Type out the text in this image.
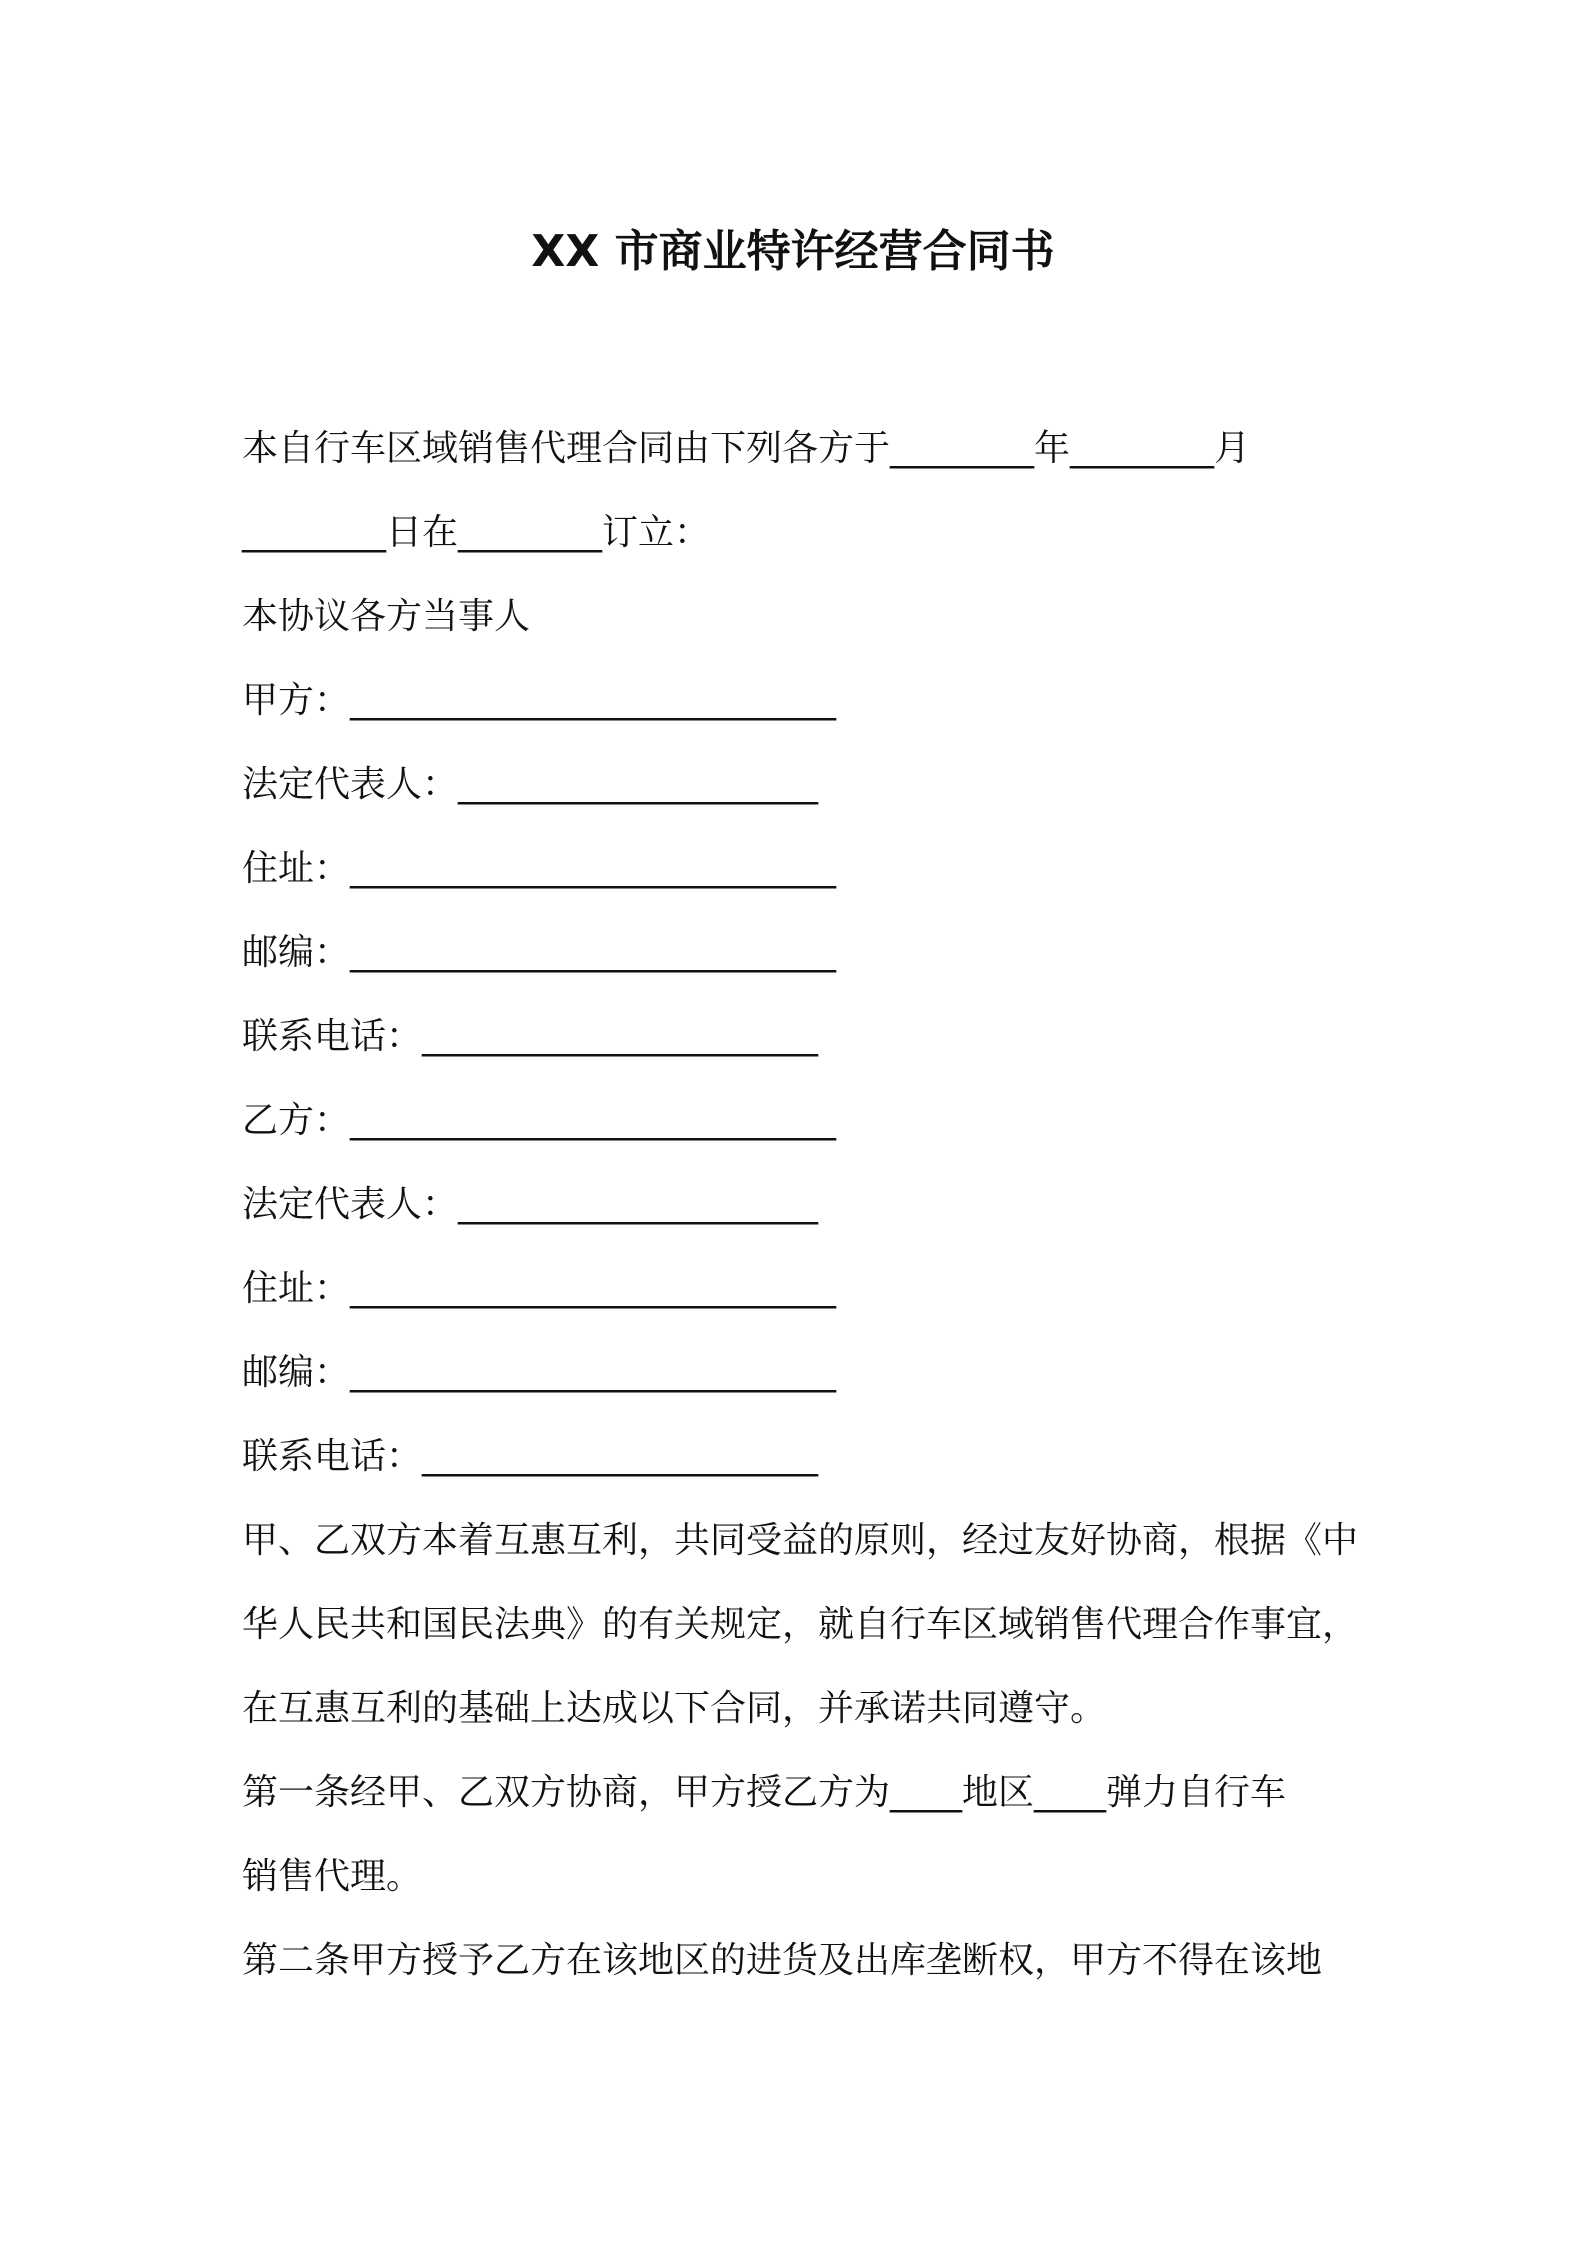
XX 市商业特许经营合同书

本自行车区域销售代理合同由下列各方于________年________月

________日在________订立：

本协议各方当事人

甲方：___________________________

法定代表人：____________________

住址：___________________________

邮编：___________________________

联系电话：______________________

乙方：___________________________

法定代表人：____________________

住址：___________________________

邮编：___________________________

联系电话：______________________

甲、乙双方本着互惠互利，共同受益的原则，经过友好协商，根据《中

华人民共和国民法典》的有关规定，就自行车区域销售代理合作事宜，

在互惠互利的基础上达成以下合同，并承诺共同遵守。

第一条经甲、乙双方协商，甲方授乙方为____地区____弹力自行车

销售代理。

第二条甲方授予乙方在该地区的进货及出库垄断权，甲方不得在该地
